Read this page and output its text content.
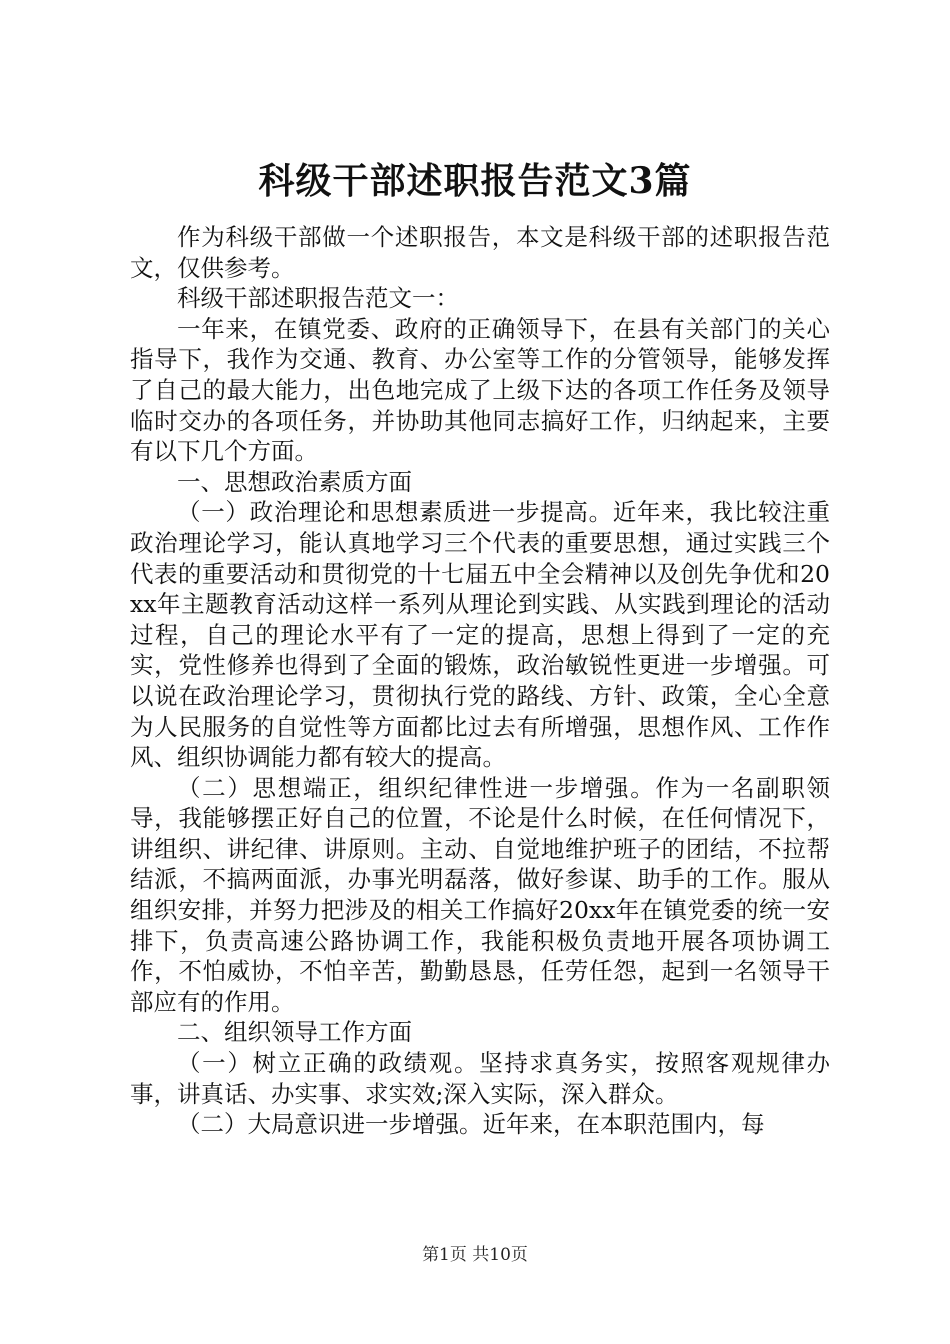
科级干部述职报告范文3篇

作为科级干部做一个述职报告，本文是科级干部的述职报告范文，仅供参考。

科级干部述职报告范文一：

一年来，在镇党委、政府的正确领导下，在县有关部门的关心指导下，我作为交通、教育、办公室等工作的分管领导，能够发挥了自己的最大能力，出色地完成了上级下达的各项工作任务及领导临时交办的各项任务，并协助其他同志搞好工作，归纳起来，主要有以下几个方面。

一、思想政治素质方面

（一）政治理论和思想素质进一步提高。近年来，我比较注重政治理论学习，能认真地学习三个代表的重要思想，通过实践三个代表的重要活动和贯彻党的十七届五中全会精神以及创先争优和20xx年主题教育活动这样一系列从理论到实践、从实践到理论的活动过程，自己的理论水平有了一定的提高，思想上得到了一定的充实，党性修养也得到了全面的锻炼，政治敏锐性更进一步增强。可以说在政治理论学习，贯彻执行党的路线、方针、政策，全心全意为人民服务的自觉性等方面都比过去有所增强，思想作风、工作作风、组织协调能力都有较大的提高。

（二）思想端正，组织纪律性进一步增强。作为一名副职领导，我能够摆正好自己的位置，不论是什么时候，在任何情况下，讲组织、讲纪律、讲原则。主动、自觉地维护班子的团结，不拉帮结派，不搞两面派，办事光明磊落，做好参谋、助手的工作。服从组织安排，并努力把涉及的相关工作搞好20xx年在镇党委的统一安排下，负责高速公路协调工作，我能积极负责地开展各项协调工作，不怕威协，不怕辛苦，勤勤恳恳，任劳任怨，起到一名领导干部应有的作用。

二、组织领导工作方面

（一）树立正确的政绩观。坚持求真务实，按照客观规律办事，讲真话、办实事、求实效;深入实际，深入群众。

（二）大局意识进一步增强。近年来，在本职范围内，每

第1页 共10页
